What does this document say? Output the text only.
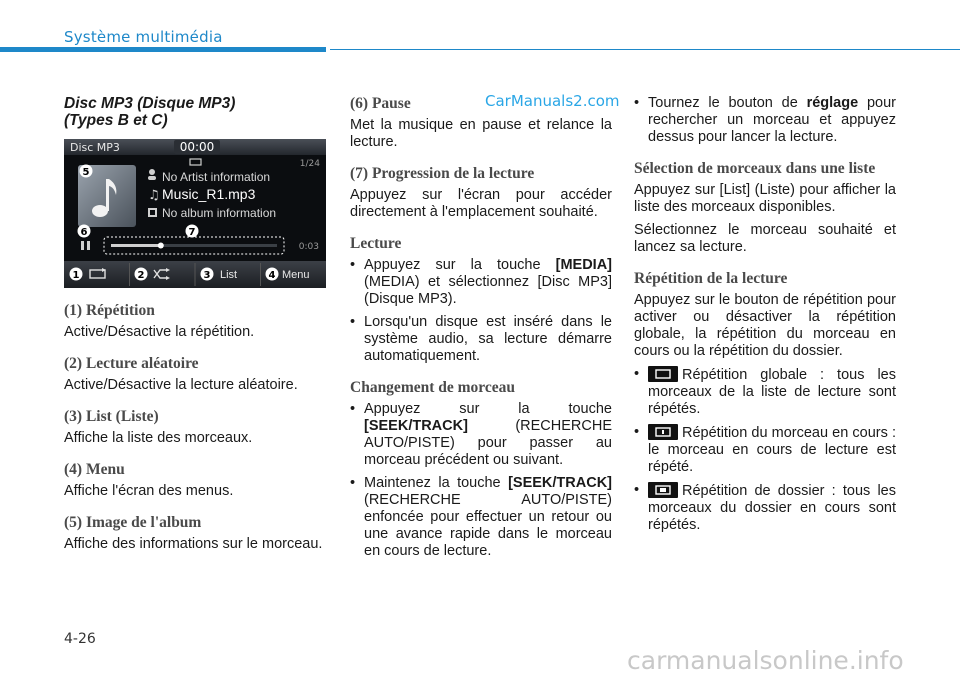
Système multimédia
CarManuals2.com
Disc MP3 (Disque MP3)
(Types B et C)
Disc MP3	00:00
1/24
No Artist information
♫ Music_R1.mp3
No album information
0:03
1	2	3 List	4 Menu
5
6	7
(1) Répétition
Active/Désactive la répétition.
(2) Lecture aléatoire
Active/Désactive la lecture aléatoire.
(3) List (Liste)
Affiche la liste des morceaux.
(4) Menu
Affiche l'écran des menus.
(5) Image de l'album
Affiche des informations sur le morceau.
(6) Pause
Met la musique en pause et relance la lecture.
(7) Progression de la lecture
Appuyez sur l'écran pour accéder directement à l'emplacement souhaité.
Lecture
• Appuyez sur la touche [MEDIA] (MEDIA) et sélectionnez [Disc MP3] (Disque MP3).
• Lorsqu'un disque est inséré dans le système audio, sa lecture démarre automatiquement.
Changement de morceau
• Appuyez sur la touche [SEEK/TRACK] (RECHERCHE AUTO/PISTE) pour passer au morceau précédent ou suivant.
• Maintenez la touche [SEEK/TRACK] (RECHERCHE AUTO/PISTE) enfoncée pour effectuer un retour ou une avance rapide dans le morceau en cours de lecture.
• Tournez le bouton de réglage pour rechercher un morceau et appuyez dessus pour lancer la lecture.
Sélection de morceaux dans une liste
Appuyez sur [List] (Liste) pour afficher la liste des morceaux disponibles.
Sélectionnez le morceau souhaité et lancez sa lecture.
Répétition de la lecture
Appuyez sur le bouton de répétition pour activer ou désactiver la répétition globale, la répétition du morceau en cours ou la répétition du dossier.
• Répétition globale : tous les morceaux de la liste de lecture sont répétés.
• Répétition du morceau en cours : le morceau en cours de lecture est répété.
• Répétition de dossier : tous les morceaux du dossier en cours sont répétés.
4-26
carmanualsonline.info
